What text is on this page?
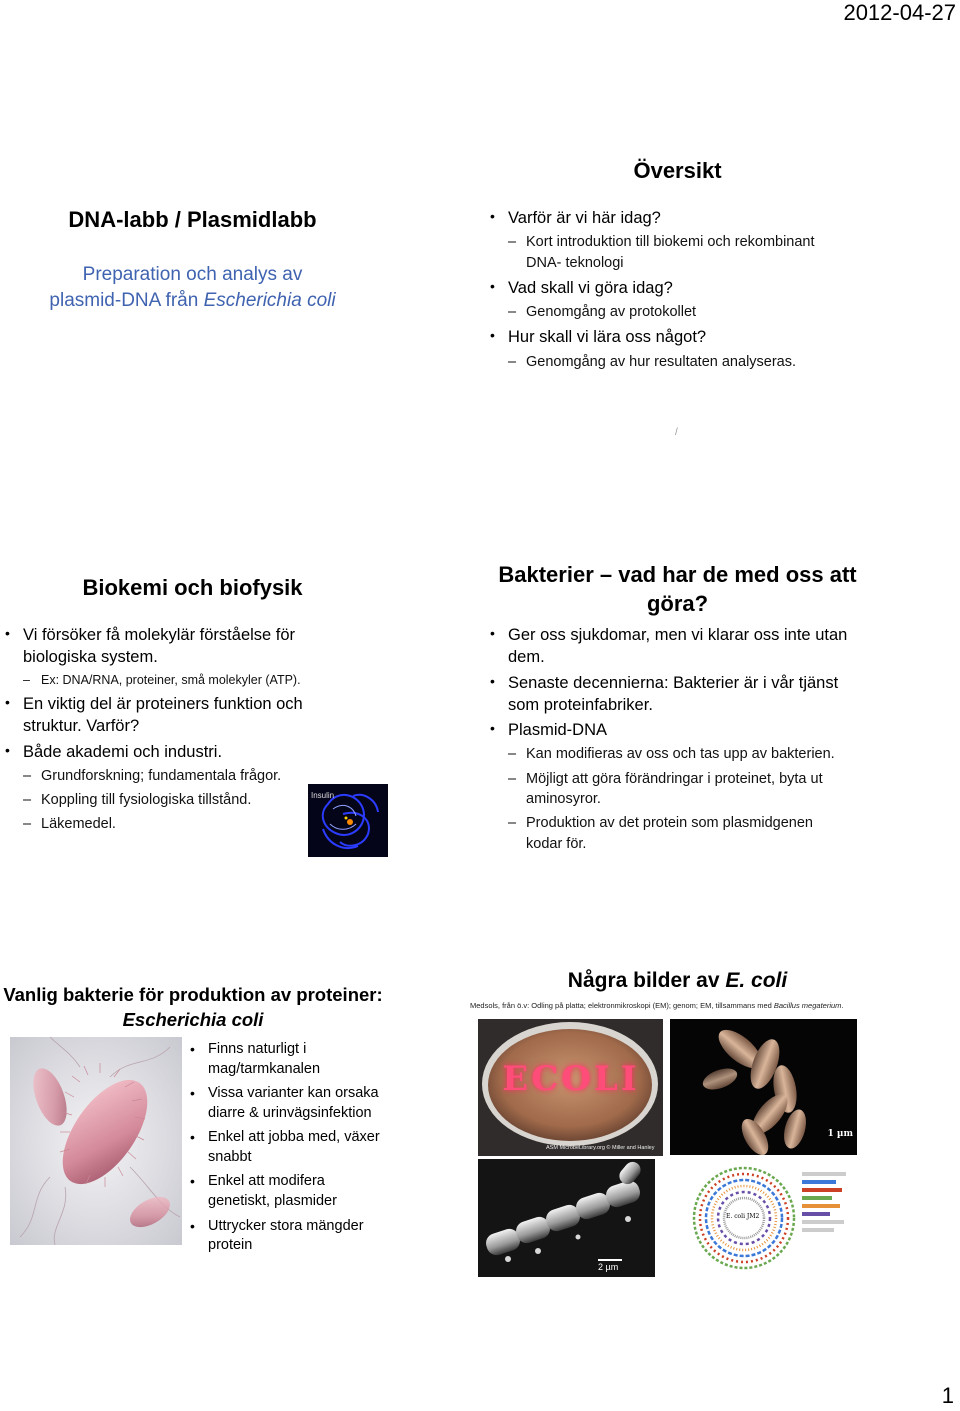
2012-04-27
DNA-labb / Plasmidlabb
Preparation och analys av
plasmid-DNA från Escherichia coli
Översikt
• Varför är vi här idag?
– Kort introduktion till biokemi och rekombinant DNA- teknologi
• Vad skall vi göra idag?
– Genomgång av protokollet
• Hur skall vi lära oss något?
– Genomgång av hur resultaten analyseras.
/
Biokemi och biofysik
• Vi försöker få molekylär förståelse för biologiska system.
– Ex: DNA/RNA, proteiner, små molekyler (ATP).
• En viktig del är proteiners funktion och struktur. Varför?
• Både akademi och industri.
– Grundforskning; fundamentala frågor.
– Koppling till fysiologiska tillstånd.
– Läkemedel.
Insulin
Bakterier – vad har de med oss att
göra?
• Ger oss sjukdomar, men vi klarar oss inte utan dem.
• Senaste decennierna: Bakterier är i vår tjänst som proteinfabriker.
• Plasmid-DNA
– Kan modifieras av oss och tas upp av bakterien.
– Möjligt att göra förändringar i proteinet, byta ut aminosyror.
– Produktion av det protein som plasmidgenen kodar för.
Vanlig bakterie för produktion av proteiner:
Escherichia coli
• Finns naturligt i mag/tarmkanalen
• Vissa varianter kan orsaka diarre & urinvägsinfektion
• Enkel att jobba med, växer snabbt
• Enkel att modifera genetiskt, plasmider
• Uttrycker stora mängder protein
Några bilder av E. coli
Medsols, från ö.v: Odling på platta; elektronmikroskopi (EM); genom; EM, tillsammans med Bacillus megaterium.
ECOLI
ASM MicrobeLibrary.org © Miller and Hanley
1 µm
2 µm
E. coli JM2
1
